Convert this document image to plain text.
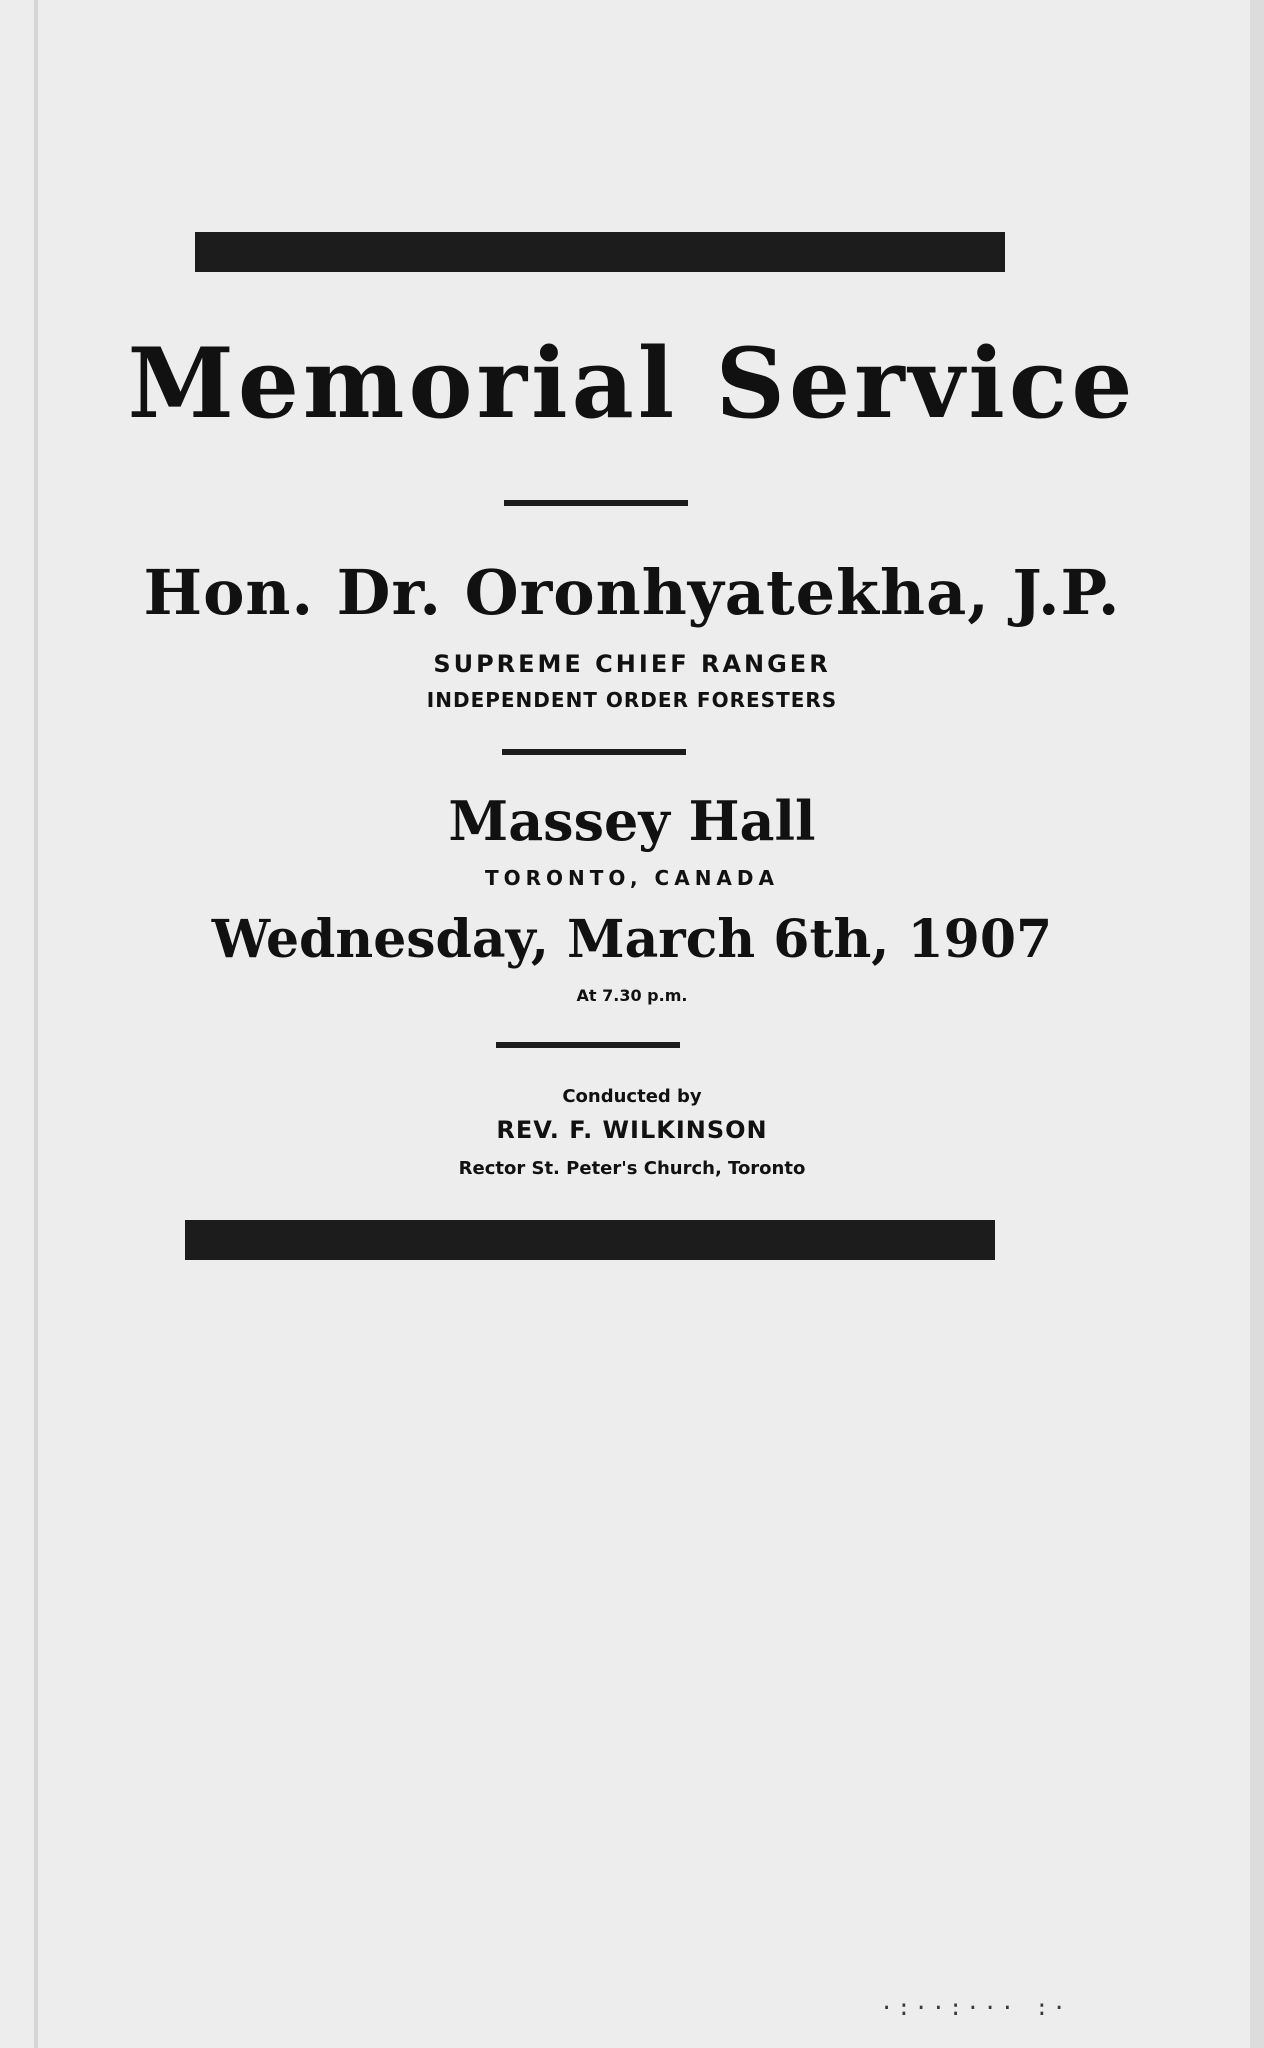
Memorial Service
Hon. Dr. Oronhyatekha, J.P.
SUPREME CHIEF RANGER
INDEPENDENT ORDER FORESTERS
Massey Hall
TORONTO, CANADA
Wednesday, March 6th, 1907
At 7.30 p.m.
Conducted by
REV. F. WILKINSON
Rector St. Peter's Church, Toronto
·:··:··· :·
